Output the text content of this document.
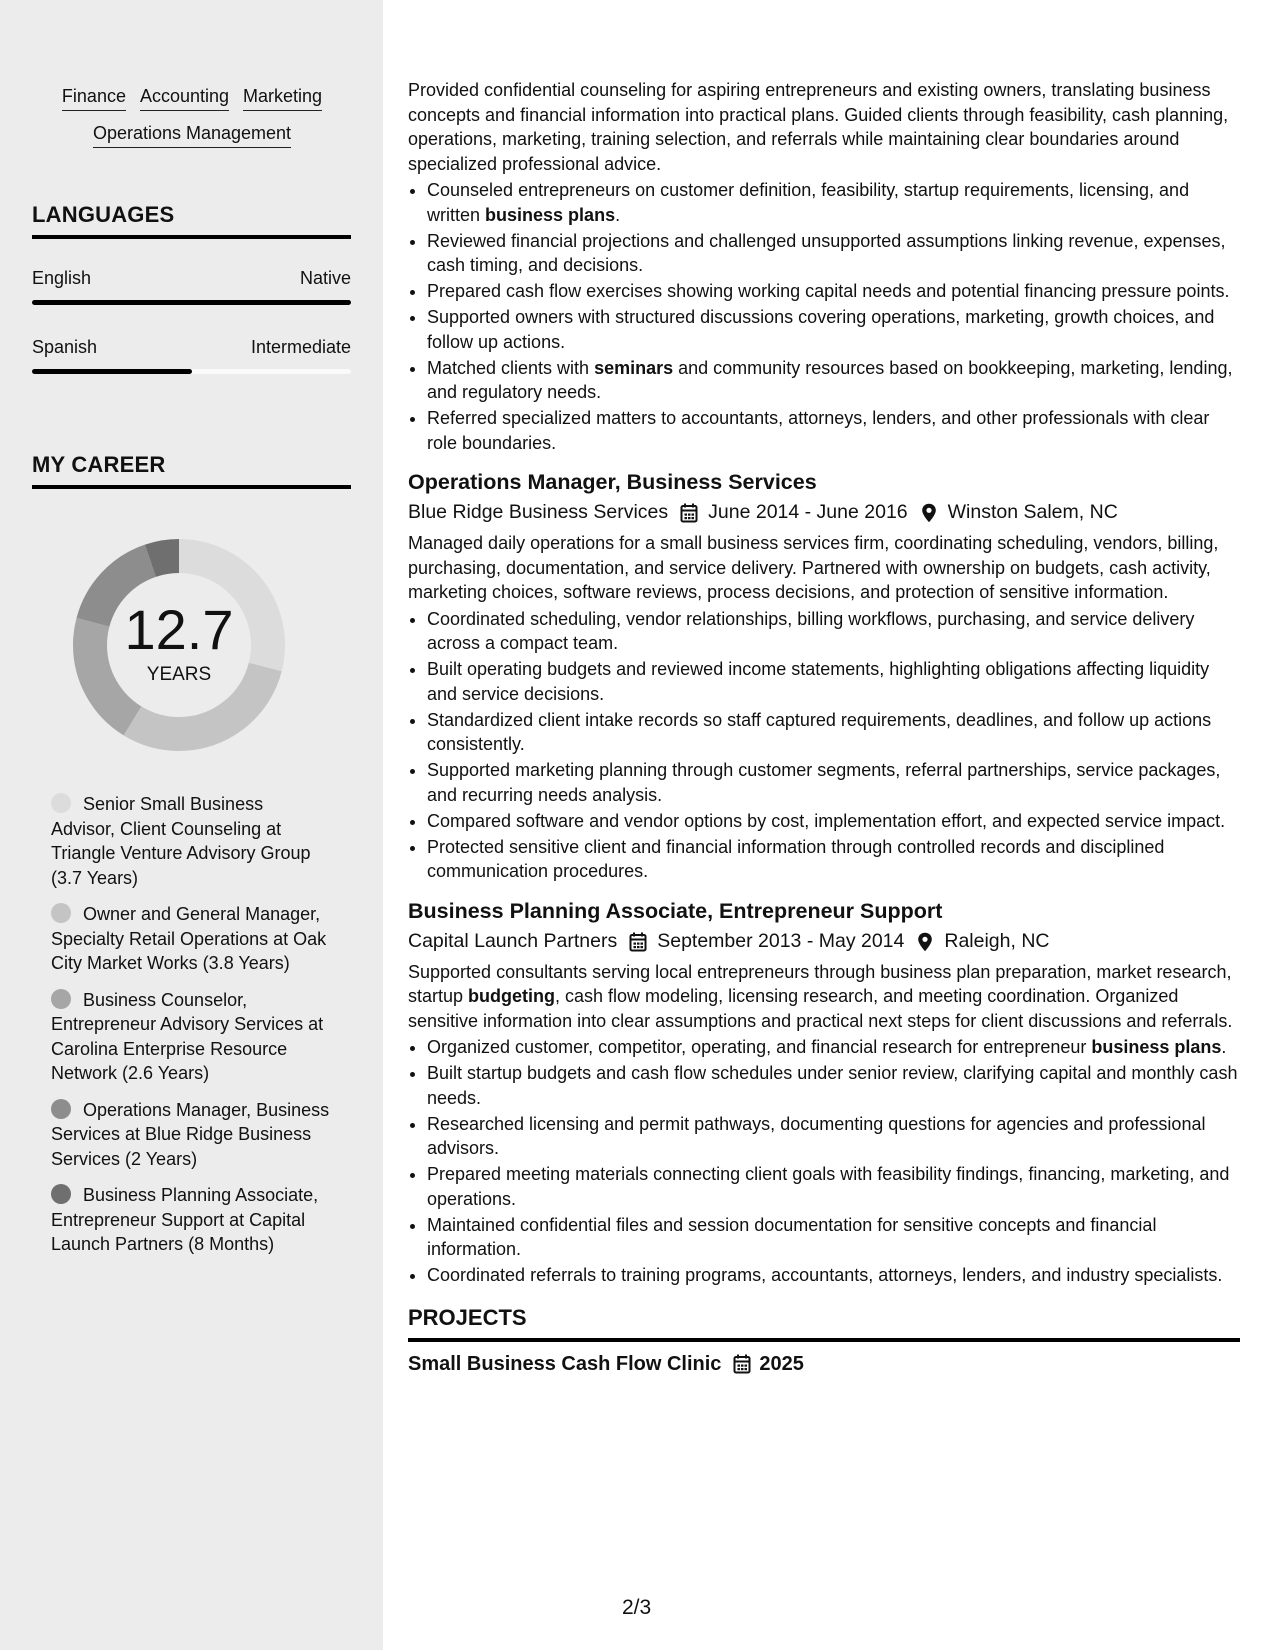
Finance Accounting Marketing
Operations Management
LANGUAGES
English	Native
Spanish	Intermediate
MY CAREER
12.7
YEARS
Senior Small Business Advisor, Client Counseling at Triangle Venture Advisory Group (3.7 Years)
Owner and General Manager, Specialty Retail Operations at Oak City Market Works (3.8 Years)
Business Counselor, Entrepreneur Advisory Services at Carolina Enterprise Resource Network (2.6 Years)
Operations Manager, Business Services at Blue Ridge Business Services (2 Years)
Business Planning Associate, Entrepreneur Support at Capital Launch Partners (8 Months)

Provided confidential counseling for aspiring entrepreneurs and existing owners, translating business concepts and financial information into practical plans. Guided clients through feasibility, cash planning, operations, marketing, training selection, and referrals while maintaining clear boundaries around specialized professional advice.

• Counseled entrepreneurs on customer definition, feasibility, startup requirements, licensing, and written business plans.
• Reviewed financial projections and challenged unsupported assumptions linking revenue, expenses, cash timing, and decisions.
• Prepared cash flow exercises showing working capital needs and potential financing pressure points.
• Supported owners with structured discussions covering operations, marketing, growth choices, and follow up actions.
• Matched clients with seminars and community resources based on bookkeeping, marketing, lending, and regulatory needs.
• Referred specialized matters to accountants, attorneys, lenders, and other professionals with clear role boundaries.
Operations Manager, Business Services
Blue Ridge Business Services June 2014 - June 2016 Winston Salem, NC

Managed daily operations for a small business services firm, coordinating scheduling, vendors, billing, purchasing, documentation, and service delivery. Partnered with ownership on budgets, cash activity, marketing choices, software reviews, process decisions, and protection of sensitive information.

• Coordinated scheduling, vendor relationships, billing workflows, purchasing, and service delivery across a compact team.
• Built operating budgets and reviewed income statements, highlighting obligations affecting liquidity and service decisions.
• Standardized client intake records so staff captured requirements, deadlines, and follow up actions consistently.
• Supported marketing planning through customer segments, referral partnerships, service packages, and recurring needs analysis.
• Compared software and vendor options by cost, implementation effort, and expected service impact.
• Protected sensitive client and financial information through controlled records and disciplined communication procedures.
Business Planning Associate, Entrepreneur Support
Capital Launch Partners September 2013 - May 2014 Raleigh, NC

Supported consultants serving local entrepreneurs through business plan preparation, market research, startup budgeting, cash flow modeling, licensing research, and meeting coordination. Organized sensitive information into clear assumptions and practical next steps for client discussions and referrals.

• Organized customer, competitor, operating, and financial research for entrepreneur business plans.
• Built startup budgets and cash flow schedules under senior review, clarifying capital and monthly cash needs.
• Researched licensing and permit pathways, documenting questions for agencies and professional advisors.
• Prepared meeting materials connecting client goals with feasibility findings, financing, marketing, and operations.
• Maintained confidential files and session documentation for sensitive concepts and financial information.
• Coordinated referrals to training programs, accountants, attorneys, lenders, and industry specialists.
PROJECTS
Small Business Cash Flow Clinic 2025
2/3
